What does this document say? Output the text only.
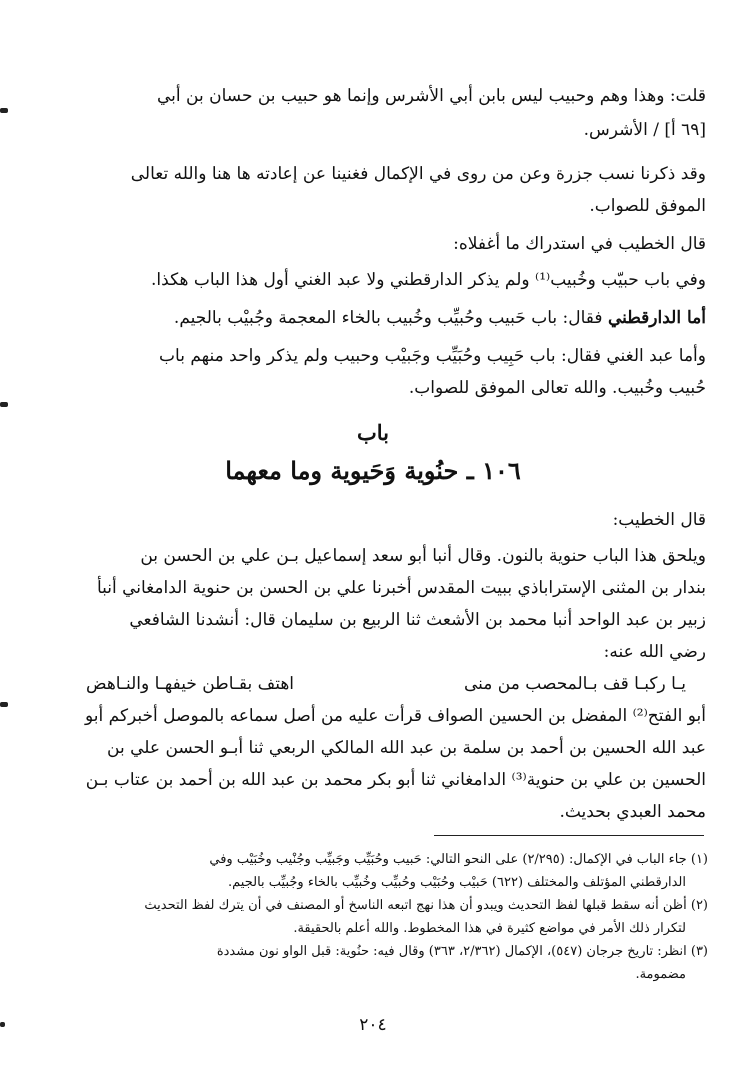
قلت: وهذا وهم وحبيب ليس بابن أبي الأشرس وإنما هو حبيب بن حسان بن أبي
[٦٩ أ] / الأشرس.
وقد ذكرنا نسب جزرة وعن من روى في الإكمال فغنينا عن إعادته ها هنا والله تعالى
الموفق للصواب.
قال الخطيب في استدراك ما أغفلاه:
وفي باب حبيّب وخُبيب⁽¹⁾ ولم يذكر الدارقطني ولا عبد الغني أول هذا الباب هكذا.
أما الدارقطني فقال: باب حَبيب وحُبيِّب وخُبيب بالخاء المعجمة وجُبيْب بالجيم.
وأما عبد الغني فقال: باب حَبِيب وحُبَيِّب وجَبيْب وحبيب ولم يذكر واحد منهم باب
حُبيب وخُبيب. والله تعالى الموفق للصواب.
باب
١٠٦ ـ حنُوية وَحَيوية وما معهما
قال الخطيب:
ويلحق هذا الباب حنوية بالنون. وقال أنبا أبو سعد إسماعيل بـن علي بن الحسن بن
بندار بن المثنى الإستراباذي ببيت المقدس أخبرنا علي بن الحسن بن حنوية الدامغاني أنبأ
زبير بن عبد الواحد أنبا محمد بن الأشعث ثنا الربيع بن سليمان قال: أنشدنا الشافعي
رضي الله عنه:
يـا ركبـا قف بـالمحصب من منى
اهتف بقـاطن خيفهـا والنـاهض
أبو الفتح⁽²⁾ المفضل بن الحسين الصواف قرأت عليه من أصل سماعه بالموصل أخبركم أبو
عبد الله الحسين بن أحمد بن سلمة بن عبد الله المالكي الربعي ثنا أبـو الحسن علي بن
الحسين بن علي بن حنوية⁽³⁾ الدامغاني ثنا أبو بكر محمد بن عبد الله بن أحمد بن عتاب بـن
محمد العبدي بحديث.
(١) جاء الباب في الإكمال: (٢/٢٩٥) على النحو التالي: حَبيب وحُبَيِّب وجَبيِّب وجُنْيب وخُبَيْب وفي
الدارقطني المؤتلف والمختلف (٦٢٢) حَبيْب وحُبَيْب وحُبيِّب وخُبيِّب بالخاء وجُبيِّب بالجيم.
(٢) أظن أنه سقط قبلها لفظ التحديث ويبدو أن هذا نهج اتبعه الناسخ أو المصنف في أن يترك لفظ التحديث
لتكرار ذلك الأمر في مواضع كثيرة في هذا المخطوط. والله أعلم بالحقيقة.
(٣) انظر: تاريخ جرجان (٥٤٧)، الإكمال (٢/٣٦٢، ٣٦٣) وقال فيه: حنُوية: قبل الواو نون مشددة
مضمومة.
٢٠٤
